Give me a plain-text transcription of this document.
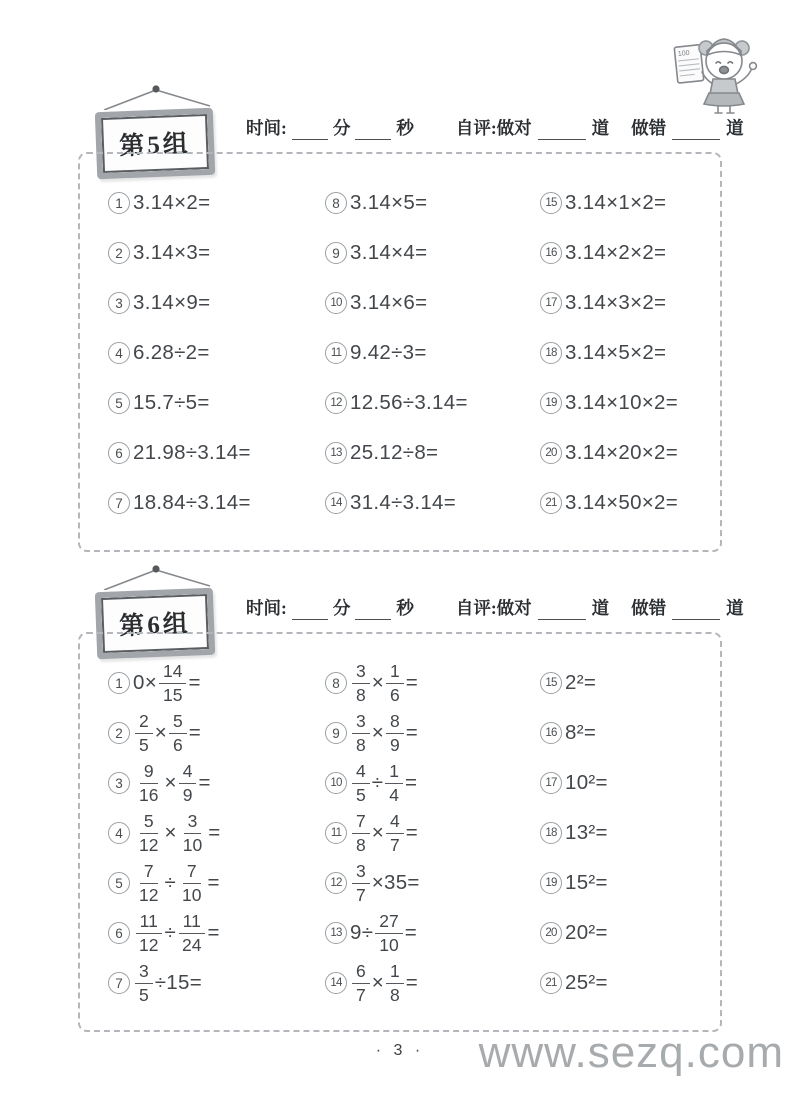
100
第5组
时间:	分	秒 自评:做对	道 做错	道
1 3.14×2=
2 3.14×3=
3 3.14×9=
4 6.28÷2=
5 15.7÷5=
6 21.98÷3.14=
7 18.84÷3.14=
8 3.14×5=
9 3.14×4=
10 3.14×6=
11 9.42÷3=
12 12.56÷3.14=
13 25.12÷8=
14 31.4÷3.14=
15 3.14×1×2=
16 3.14×2×2=
17 3.14×3×2=
18 3.14×5×2=
19 3.14×10×2=
20 3.14×20×2=
21 3.14×50×2=
第6组
时间:	分	秒 自评:做对	道 做错	道
1 $0\times \frac{14}{15}$ =
$2 \frac{2}{5} \times \frac{5}{6}$ =
$3 \frac{9}{16} \times \frac{4}{9}$ =
$4 \frac{5}{12} \times \frac{3}{10}$ =
$5 \frac{7}{12} \div \frac{7}{10}$ =
$6 \frac{11}{12} \div \frac{11}{24}$ =
$7 \frac{3}{5} \div 15=$
$8 \frac{3}{8} \times \frac{1}{6}$ =
$9 \frac{3}{8} \times \frac{8}{9}$ =
$10 \frac{4}{5} \div \frac{1}{4}$ =
$11 \frac{7}{8} \times \frac{4}{7}$ =
$12 \frac{3}{7} \times 35=$
13 $9\div \frac{27}{10}$ =
$14 \frac{6}{7} \times \frac{1}{8}$ =
15 2²=
16 8²=
17 10²=
18 13²=
19 15²=
20 20²=
21 25²=
· 3 ·	www.sezq.com
